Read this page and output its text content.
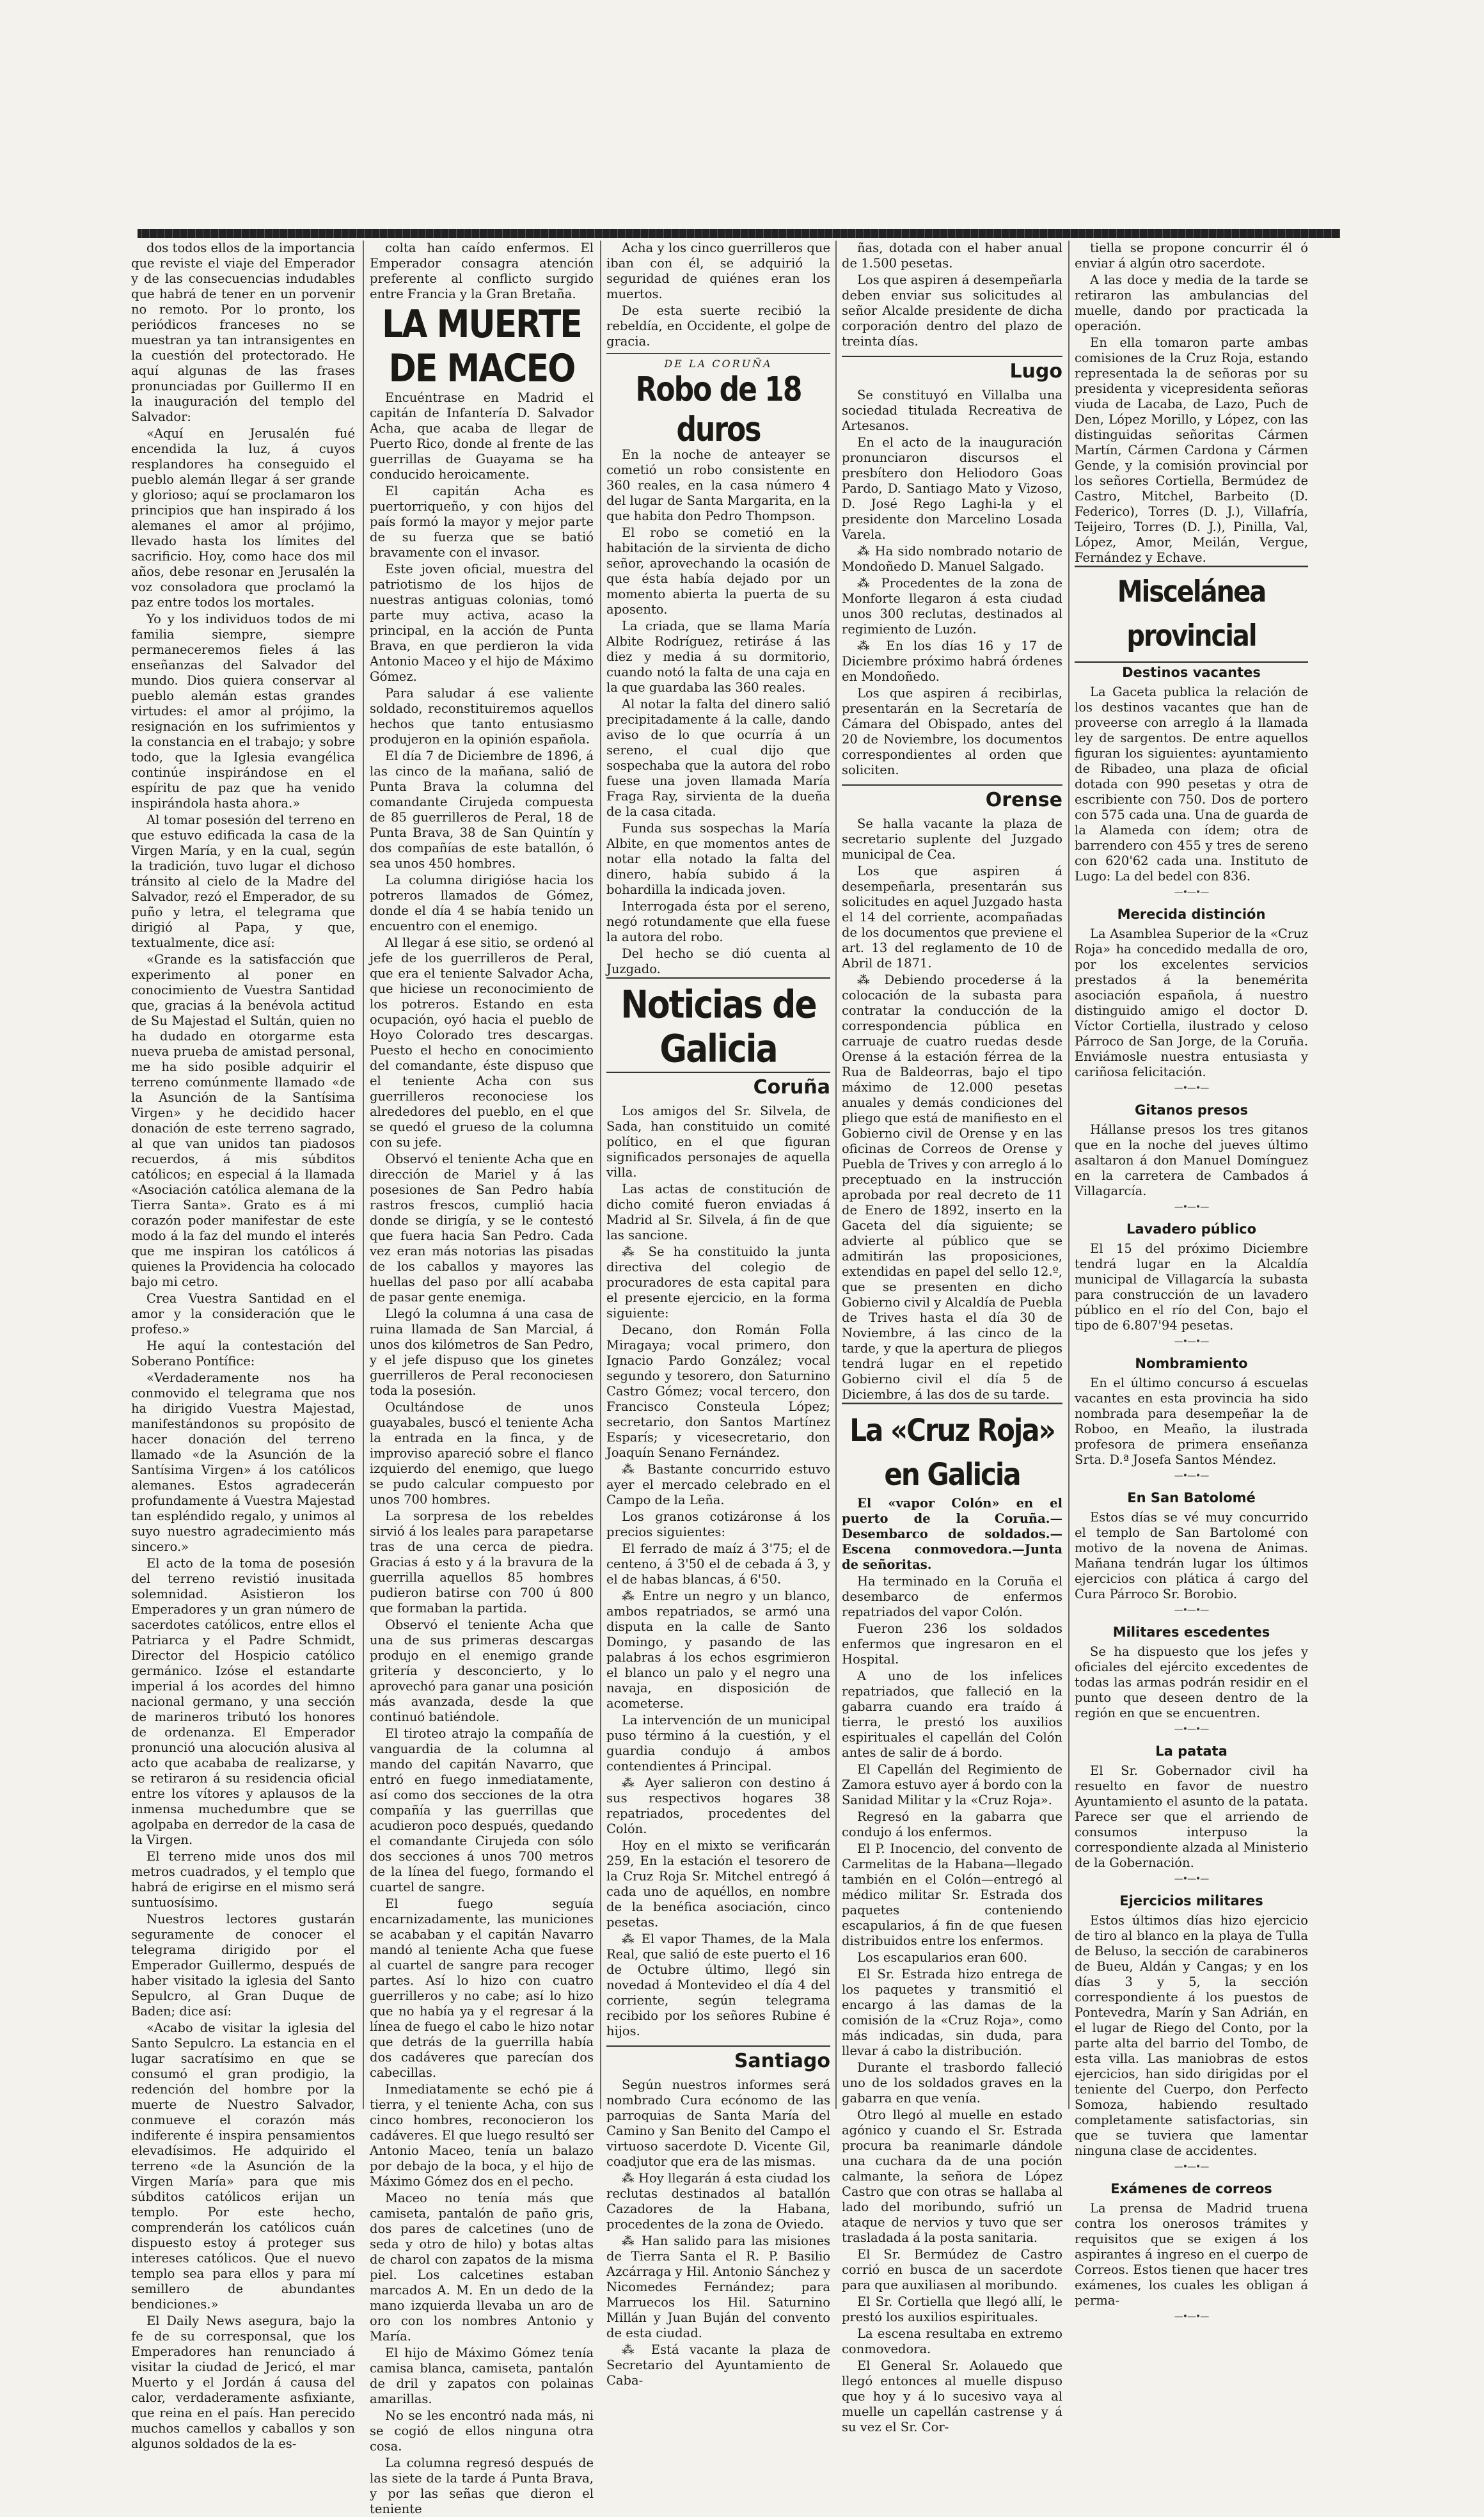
dos todos ellos de la importancia que reviste el viaje del Emperador y de las consecuencias indudables que habrá de tener en un porvenir no remoto. Por lo pronto, los periódicos franceses no se muestran ya tan intransigentes en la cuestión del protectorado. He aquí algunas de las frases pronunciadas por Guillermo II en la inauguración del templo del Salvador:

«Aquí en Jerusalén fué encendida la luz, á cuyos resplandores ha conseguido el pueblo alemán llegar á ser grande y glorioso; aquí se proclamaron los principios que han inspirado á los alemanes el amor al prójimo, llevado hasta los límites del sacrificio. Hoy, como hace dos mil años, debe resonar en Jerusalén la voz consoladora que proclamó la paz entre todos los mortales.

Yo y los individuos todos de mi familia siempre, siempre permaneceremos fieles á las enseñanzas del Salvador del mundo. Dios quiera conservar al pueblo alemán estas grandes virtudes: el amor al prójimo, la resignación en los sufrimientos y la constancia en el trabajo; y sobre todo, que la Iglesia evangélica continúe inspirándose en el espíritu de paz que ha venido inspirándola hasta ahora.»

Al tomar posesión del terreno en que estuvo edificada la casa de la Virgen María, y en la cual, según la tradición, tuvo lugar el dichoso tránsito al cielo de la Madre del Salvador, rezó el Emperador, de su puño y letra, el telegrama que dirigió al Papa, y que, textualmente, dice así:

«Grande es la satisfacción que experimento al poner en conocimiento de Vuestra Santidad que, gracias á la benévola actitud de Su Majestad el Sultán, quien no ha dudado en otorgarme esta nueva prueba de amistad personal, me ha sido posible adquirir el terreno comúnmente llamado «de la Asunción de la Santísima Virgen» y he decidido hacer donación de este terreno sagrado, al que van unidos tan piadosos recuerdos, á mis súbditos católicos; en especial á la llamada «Asociación católica alemana de la Tierra Santa». Grato es á mi corazón poder manifestar de este modo á la faz del mundo el interés que me inspiran los católicos á quienes la Providencia ha colocado bajo mi cetro.

Crea Vuestra Santidad en el amor y la consideración que le profeso.»

He aquí la contestación del Soberano Pontífice:

«Verdaderamente nos ha conmovido el telegrama que nos ha dirigido Vuestra Majestad, manifestándonos su propósito de hacer donación del terreno llamado «de la Asunción de la Santísima Virgen» á los católicos alemanes. Estos agradecerán profundamente á Vuestra Majestad tan espléndido regalo, y unimos al suyo nuestro agradecimiento más sincero.»

El acto de la toma de posesión del terreno revistió inusitada solemnidad. Asistieron los Emperadores y un gran número de sacerdotes católicos, entre ellos el Patriarca y el Padre Schmidt, Director del Hospicio católico germánico. Izóse el estandarte imperial á los acordes del himno nacional germano, y una sección de marineros tributó los honores de ordenanza. El Emperador pronunció una alocución alusiva al acto que acababa de realizarse, y se retiraron á su residencia oficial entre los vítores y aplausos de la inmensa muchedumbre que se agolpaba en derredor de la casa de la Virgen.

El terreno mide unos dos mil metros cuadrados, y el templo que habrá de erigirse en el mismo será suntuosísimo.

Nuestros lectores gustarán seguramente de conocer el telegrama dirigido por el Emperador Guillermo, después de haber visitado la iglesia del Santo Sepulcro, al Gran Duque de Baden; dice así:

«Acabo de visitar la iglesia del Santo Sepulcro. La estancia en el lugar sacratísimo en que se consumó el gran prodigio, la redención del hombre por la muerte de Nuestro Salvador, conmueve el corazón más indiferente é inspira pensamientos elevadísimos. He adquirido el terreno «de la Asunción de la Virgen María» para que mis súbditos católicos erijan un templo. Por este hecho, comprenderán los católicos cuán dispuesto estoy á proteger sus intereses católicos. Que el nuevo templo sea para ellos y para mí semillero de abundantes bendiciones.»

El Daily News asegura, bajo la fe de su corresponsal, que los Emperadores han renunciado á visitar la ciudad de Jericó, el mar Muerto y el Jordán á causa del calor, verdaderamente asfixiante, que reina en el país. Han perecido muchos camellos y caballos y son algunos soldados de la es-

colta han caído enfermos. El Emperador consagra atención preferente al conflicto surgido entre Francia y la Gran Bretaña.

LA MUERTE DE MACEO

Encuéntrase en Madrid el capitán de Infantería D. Salvador Acha, que acaba de llegar de Puerto Rico, donde al frente de las guerrillas de Guayama se ha conducido heroicamente.

El capitán Acha es puertorriqueño, y con hijos del país formó la mayor y mejor parte de su fuerza que se batió bravamente con el invasor.

Este joven oficial, muestra del patriotismo de los hijos de nuestras antiguas colonias, tomó parte muy activa, acaso la principal, en la acción de Punta Brava, en que perdieron la vida Antonio Maceo y el hijo de Máximo Gómez.

Para saludar á ese valiente soldado, reconstituiremos aquellos hechos que tanto entusiasmo produjeron en la opinión española.

El día 7 de Diciembre de 1896, á las cinco de la mañana, salió de Punta Brava la columna del comandante Cirujeda compuesta de 85 guerrilleros de Peral, 18 de Punta Brava, 38 de San Quintín y dos compañías de este batallón, ó sea unos 450 hombres.

La columna dirigióse hacia los potreros llamados de Gómez, donde el día 4 se había tenido un encuentro con el enemigo.

Al llegar á ese sitio, se ordenó al jefe de los guerrilleros de Peral, que era el teniente Salvador Acha, que hiciese un reconocimiento de los potreros. Estando en esta ocupación, oyó hacia el pueblo de Hoyo Colorado tres descargas. Puesto el hecho en conocimiento del comandante, éste dispuso que el teniente Acha con sus guerrilleros reconociese los alrededores del pueblo, en el que se quedó el grueso de la columna con su jefe.

Observó el teniente Acha que en dirección de Mariel y á las posesiones de San Pedro había rastros frescos, cumplió hacia donde se dirigía, y se le contestó que fuera hacia San Pedro. Cada vez eran más notorias las pisadas de los caballos y mayores las huellas del paso por allí acababa de pasar gente enemiga.

Llegó la columna á una casa de ruina llamada de San Marcial, á unos dos kilómetros de San Pedro, y el jefe dispuso que los ginetes guerrilleros de Peral reconociesen toda la posesión.

Ocultándose de unos guayabales, buscó el teniente Acha la entrada en la finca, y de improviso apareció sobre el flanco izquierdo del enemigo, que luego se pudo calcular compuesto por unos 700 hombres.

La sorpresa de los rebeldes sirvió á los leales para parapetarse tras de una cerca de piedra. Gracias á esto y á la bravura de la guerrilla aquellos 85 hombres pudieron batirse con 700 ú 800 que formaban la partida.

Observó el teniente Acha que una de sus primeras descargas produjo en el enemigo grande gritería y desconcierto, y lo aprovechó para ganar una posición más avanzada, desde la que continuó batiéndole.

El tiroteo atrajo la compañía de vanguardia de la columna al mando del capitán Navarro, que entró en fuego inmediatamente, así como dos secciones de la otra compañía y las guerrillas que acudieron poco después, quedando el comandante Cirujeda con sólo dos secciones á unos 700 metros de la línea del fuego, formando el cuartel de sangre.

El fuego seguía encarnizadamente, las municiones se acababan y el capitán Navarro mandó al teniente Acha que fuese al cuartel de sangre para recoger partes. Así lo hizo con cuatro guerrilleros y no cabe; así lo hizo que no había ya y el regresar á la línea de fuego el cabo le hizo notar que detrás de la guerrilla había dos cadáveres que parecían dos cabecillas.

Inmediatamente se echó pie á tierra, y el teniente Acha, con sus cinco hombres, reconocieron los cadáveres. El que luego resultó ser Antonio Maceo, tenía un balazo por debajo de la boca, y el hijo de Máximo Gómez dos en el pecho.

Maceo no tenía más que camiseta, pantalón de paño gris, dos pares de calcetines (uno de seda y otro de hilo) y botas altas de charol con zapatos de la misma piel. Los calcetines estaban marcados A. M. En un dedo de la mano izquierda llevaba un aro de oro con los nombres Antonio y María.

El hijo de Máximo Gómez tenía camisa blanca, camiseta, pantalón de dril y zapatos con polainas amarillas.

No se les encontró nada más, ni se cogió de ellos ninguna otra cosa.

La columna regresó después de las siete de la tarde á Punta Brava, y por las señas que dieron el teniente

Acha y los cinco guerrilleros que iban con él, se adquirió la seguridad de quiénes eran los muertos.

De esta suerte recibió la rebeldía, en Occidente, el golpe de gracia.

DE LA CORUÑA
Robo de 18 duros

En la noche de anteayer se cometió un robo consistente en 360 reales, en la casa número 4 del lugar de Santa Margarita, en la que habita don Pedro Thompson.

El robo se cometió en la habitación de la sirvienta de dicho señor, aprovechando la ocasión de que ésta había dejado por un momento abierta la puerta de su aposento.

La criada, que se llama María Albite Rodríguez, retiráse á las diez y media á su dormitorio, cuando notó la falta de una caja en la que guardaba las 360 reales.

Al notar la falta del dinero salió precipitadamente á la calle, dando aviso de lo que ocurría á un sereno, el cual dijo que sospechaba que la autora del robo fuese una joven llamada María Fraga Ray, sirvienta de la dueña de la casa citada.

Funda sus sospechas la María Albite, en que momentos antes de notar ella notado la falta del dinero, había subido á la bohardilla la indicada joven.

Interrogada ésta por el sereno, negó rotundamente que ella fuese la autora del robo.

Del hecho se dió cuenta al Juzgado.

Noticias de Galicia
Coruña

Los amigos del Sr. Silvela, de Sada, han constituido un comité político, en el que figuran significados personajes de aquella villa.

Las actas de constitución de dicho comité fueron enviadas á Madrid al Sr. Silvela, á fin de que las sancione.

⁂ Se ha constituido la junta directiva del colegio de procuradores de esta capital para el presente ejercicio, en la forma siguiente:

Decano, don Román Folla Miragaya; vocal primero, don Ignacio Pardo González; vocal segundo y tesorero, don Saturnino Castro Gómez; vocal tercero, don Francisco Consteula López; secretario, don Santos Martínez Esparís; y vicesecretario, don Joaquín Senano Fernández.

⁂ Bastante concurrido estuvo ayer el mercado celebrado en el Campo de la Leña.

Los granos cotizáronse á los precios siguientes:

El ferrado de maíz á 3'75; el de centeno, á 3'50 el de cebada á 3, y el de habas blancas, á 6'50.

⁂ Entre un negro y un blanco, ambos repatriados, se armó una disputa en la calle de Santo Domingo, y pasando de las palabras á los echos esgrimieron el blanco un palo y el negro una navaja, en disposición de acometerse.

La intervención de un municipal puso término á la cuestión, y el guardia condujo á ambos contendientes á Principal.

⁂ Ayer salieron con destino á sus respectivos hogares 38 repatriados, procedentes del Colón.

Hoy en el mixto se verificarán 259, En la estación el tesorero de la Cruz Roja Sr. Mitchel entregó á cada uno de aquéllos, en nombre de la benéfica asociación, cinco pesetas.

⁂ El vapor Thames, de la Mala Real, que salió de este puerto el 16 de Octubre último, llegó sin novedad á Montevideo el día 4 del corriente, según telegrama recibido por los señores Rubine é hijos.

Santiago

Según nuestros informes será nombrado Cura ecónomo de las parroquias de Santa María del Camino y San Benito del Campo el virtuoso sacerdote D. Vicente Gil, coadjutor que era de las mismas.

⁂ Hoy llegarán á esta ciudad los reclutas destinados al batallón Cazadores de la Habana, procedentes de la zona de Oviedo.

⁂ Han salido para las misiones de Tierra Santa el R. P. Basilio Azcárraga y Hil. Antonio Sánchez y Nicomedes Fernández; para Marruecos los Hil. Saturnino Millán y Juan Buján del convento de esta ciudad.

⁂ Está vacante la plaza de Secretario del Ayuntamiento de Caba-

ñas, dotada con el haber anual de 1.500 pesetas.

Los que aspiren á desempeñarla deben enviar sus solicitudes al señor Alcalde presidente de dicha corporación dentro del plazo de treinta días.

Lugo

Se constituyó en Villalba una sociedad titulada Recreativa de Artesanos.

En el acto de la inauguración pronunciaron discursos el presbítero don Heliodoro Goas Pardo, D. Santiago Mato y Vizoso, D. José Rego Laghi-la y el presidente don Marcelino Losada Varela.

⁂ Ha sido nombrado notario de Mondoñedo D. Manuel Salgado.

⁂ Procedentes de la zona de Monforte llegaron á esta ciudad unos 300 reclutas, destinados al regimiento de Luzón.

⁂ En los días 16 y 17 de Diciembre próximo habrá órdenes en Mondoñedo.

Los que aspiren á recibirlas, presentarán en la Secretaría de Cámara del Obispado, antes del 20 de Noviembre, los documentos correspondientes al orden que soliciten.

Orense

Se halla vacante la plaza de secretario suplente del Juzgado municipal de Cea.

Los que aspiren á desempeñarla, presentarán sus solicitudes en aquel Juzgado hasta el 14 del corriente, acompañadas de los documentos que previene el art. 13 del reglamento de 10 de Abril de 1871.

⁂ Debiendo procederse á la colocación de la subasta para contratar la conducción de la correspondencia pública en carruaje de cuatro ruedas desde Orense á la estación férrea de la Rua de Baldeorras, bajo el tipo máximo de 12.000 pesetas anuales y demás condiciones del pliego que está de manifiesto en el Gobierno civil de Orense y en las oficinas de Correos de Orense y Puebla de Trives y con arreglo á lo preceptuado en la instrucción aprobada por real decreto de 11 de Enero de 1892, inserto en la Gaceta del día siguiente; se advierte al público que se admitirán las proposiciones, extendidas en papel del sello 12.º, que se presenten en dicho Gobierno civil y Alcaldía de Puebla de Trives hasta el día 30 de Noviembre, á las cinco de la tarde, y que la apertura de pliegos tendrá lugar en el repetido Gobierno civil el día 5 de Diciembre, á las dos de su tarde.

La «Cruz Roja» en Galicia

El «vapor Colón» en el puerto de la Coruña.—Desembarco de soldados.—Escena conmovedora.—Junta de señoritas.

Ha terminado en la Coruña el desembarco de enfermos repatriados del vapor Colón.

Fueron 236 los soldados enfermos que ingresaron en el Hospital.

A uno de los infelices repatriados, que falleció en la gabarra cuando era traído á tierra, le prestó los auxilios espirituales el capellán del Colón antes de salir de á bordo.

El Capellán del Regimiento de Zamora estuvo ayer á bordo con la Sanidad Militar y la «Cruz Roja».

Regresó en la gabarra que condujo á los enfermos.

El P. Inocencio, del convento de Carmelitas de la Habana—llegado también en el Colón—entregó al médico militar Sr. Estrada dos paquetes conteniendo escapularios, á fin de que fuesen distribuidos entre los enfermos.

Los escapularios eran 600.

El Sr. Estrada hizo entrega de los paquetes y transmitió el encargo á las damas de la comisión de la «Cruz Roja», como más indicadas, sin duda, para llevar á cabo la distribución.

Durante el trasbordo falleció uno de los soldados graves en la gabarra en que venía.

Otro llegó al muelle en estado agónico y cuando el Sr. Estrada procura ba reanimarle dándole una cuchara da de una poción calmante, la señora de López Castro que con otras se hallaba al lado del moribundo, sufrió un ataque de nervios y tuvo que ser trasladada á la posta sanitaria.

El Sr. Bermúdez de Castro corrió en busca de un sacerdote para que auxiliasen al moribundo.

El Sr. Cortiella que llegó allí, le prestó los auxilios espirituales.

La escena resultaba en extremo conmovedora.

El General Sr. Aolauedo que llegó entonces al muelle dispuso que hoy y á lo sucesivo vaya al muelle un capellán castrense y á su vez el Sr. Cor-

tiella se propone concurrir él ó enviar á algún otro sacerdote.

A las doce y media de la tarde se retiraron las ambulancias del muelle, dando por practicada la operación.

En ella tomaron parte ambas comisiones de la Cruz Roja, estando representada la de señoras por su presidenta y vicepresidenta señoras viuda de Lacaba, de Lazo, Puch de Den, López Morillo, y López, con las distinguidas señoritas Cármen Martín, Cármen Cardona y Cármen Gende, y la comisión provincial por los señores Cortiella, Bermúdez de Castro, Mitchel, Barbeito (D. Federico), Torres (D. J.), Villafría, Teijeiro, Torres (D. J.), Pinilla, Val, López, Amor, Meilán, Vergue, Fernández y Echave.

Miscelánea provincial
Destinos vacantes

La Gaceta publica la relación de los destinos vacantes que han de proveerse con arreglo á la llamada ley de sargentos. De entre aquellos figuran los siguientes: ayuntamiento de Ribadeo, una plaza de oficial dotada con 990 pesetas y otra de escribiente con 750. Dos de portero con 575 cada una. Una de guarda de la Alameda con ídem; otra de barrendero con 455 y tres de sereno con 620'62 cada una. Instituto de Lugo: La del bedel con 836.

—•—•—
Merecida distinción

La Asamblea Superior de la «Cruz Roja» ha concedido medalla de oro, por los excelentes servicios prestados á la benemérita asociación española, á nuestro distinguido amigo el doctor D. Víctor Cortiella, ilustrado y celoso Párroco de San Jorge, de la Coruña. Enviámosle nuestra entusiasta y cariñosa felicitación.

—•—•—
Gitanos presos

Hállanse presos los tres gitanos que en la noche del jueves último asaltaron á don Manuel Domínguez en la carretera de Cambados á Villagarcía.

—•—•—
Lavadero público

El 15 del próximo Diciembre tendrá lugar en la Alcaldía municipal de Villagarcía la subasta para construcción de un lavadero público en el río del Con, bajo el tipo de 6.807'94 pesetas.

—•—•—
Nombramiento

En el último concurso á escuelas vacantes en esta provincia ha sido nombrada para desempeñar la de Roboo, en Meaño, la ilustrada profesora de primera enseñanza Srta. D.ª Josefa Santos Méndez.

—•—•—
En San Batolomé

Estos días se vé muy concurrido el templo de San Bartolomé con motivo de la novena de Animas. Mañana tendrán lugar los últimos ejercicios con plática á cargo del Cura Párroco Sr. Borobio.

—•—•—
Militares escedentes

Se ha dispuesto que los jefes y oficiales del ejército excedentes de todas las armas podrán residir en el punto que deseen dentro de la región en que se encuentren.

—•—•—
La patata

El Sr. Gobernador civil ha resuelto en favor de nuestro Ayuntamiento el asunto de la patata. Parece ser que el arriendo de consumos interpuso la correspondiente alzada al Ministerio de la Gobernación.

—•—•—
Ejercicios militares

Estos últimos días hizo ejercicio de tiro al blanco en la playa de Tulla de Beluso, la sección de carabineros de Bueu, Aldán y Cangas; y en los días 3 y 5, la sección correspondiente á los puestos de Pontevedra, Marín y San Adrián, en el lugar de Riego del Conto, por la parte alta del barrio del Tombo, de esta villa. Las maniobras de estos ejercicios, han sido dirigidas por el teniente del Cuerpo, don Perfecto Somoza, habiendo resultado completamente satisfactorias, sin que se tuviera que lamentar ninguna clase de accidentes.

—•—•—
Exámenes de correos

La prensa de Madrid truena contra los onerosos trámites y requisitos que se exigen á los aspirantes á ingreso en el cuerpo de Correos. Estos tienen que hacer tres exámenes, los cuales les obligan á perma-

—•—•—
